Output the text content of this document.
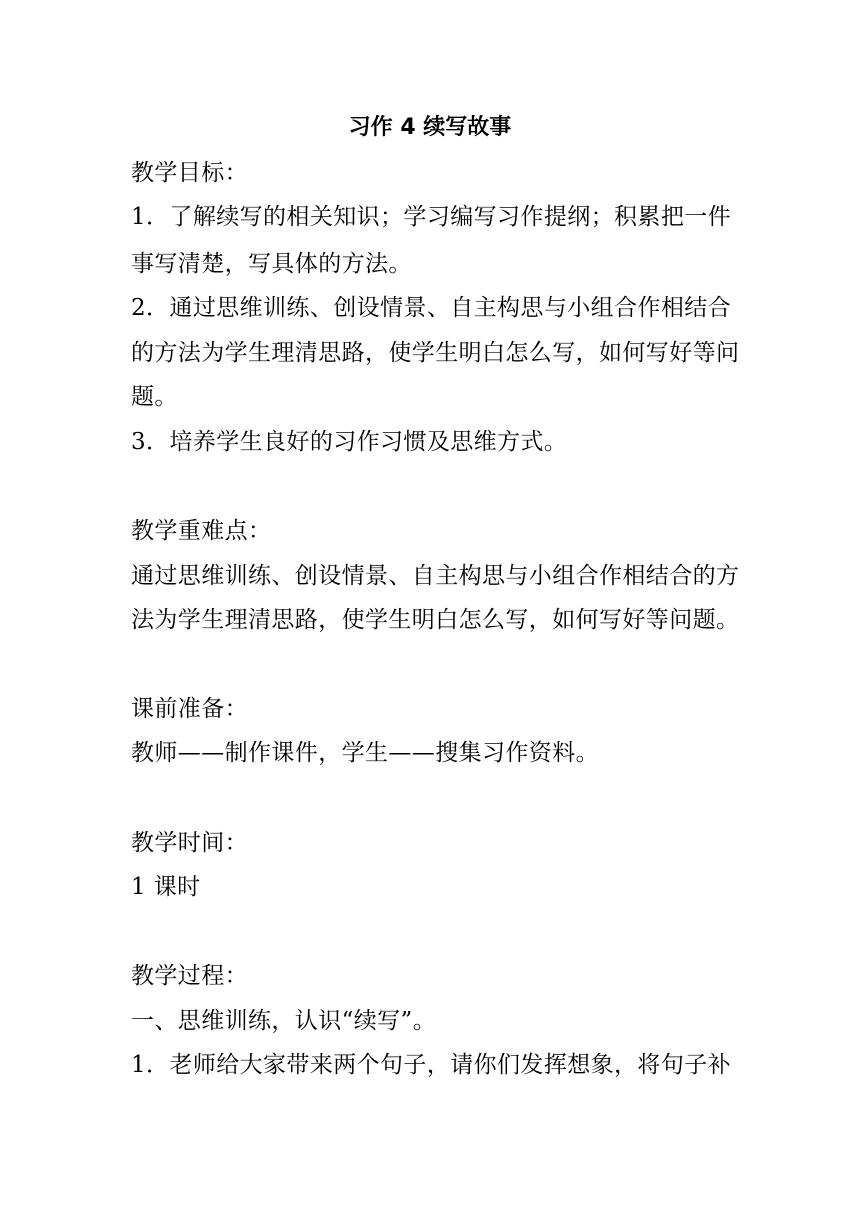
习作 4 续写故事
教学目标：
1．了解续写的相关知识；学习编写习作提纲；积累把一件
事写清楚，写具体的方法。
2．通过思维训练、创设情景、自主构思与小组合作相结合
的方法为学生理清思路，使学生明白怎么写，如何写好等问
题。
3．培养学生良好的习作习惯及思维方式。
教学重难点：
通过思维训练、创设情景、自主构思与小组合作相结合的方
法为学生理清思路，使学生明白怎么写，如何写好等问题。
课前准备：
教师——制作课件，学生——搜集习作资料。
教学时间：
1 课时
教学过程：
一、思维训练，认识“续写”。
1．老师给大家带来两个句子，请你们发挥想象，将句子补
